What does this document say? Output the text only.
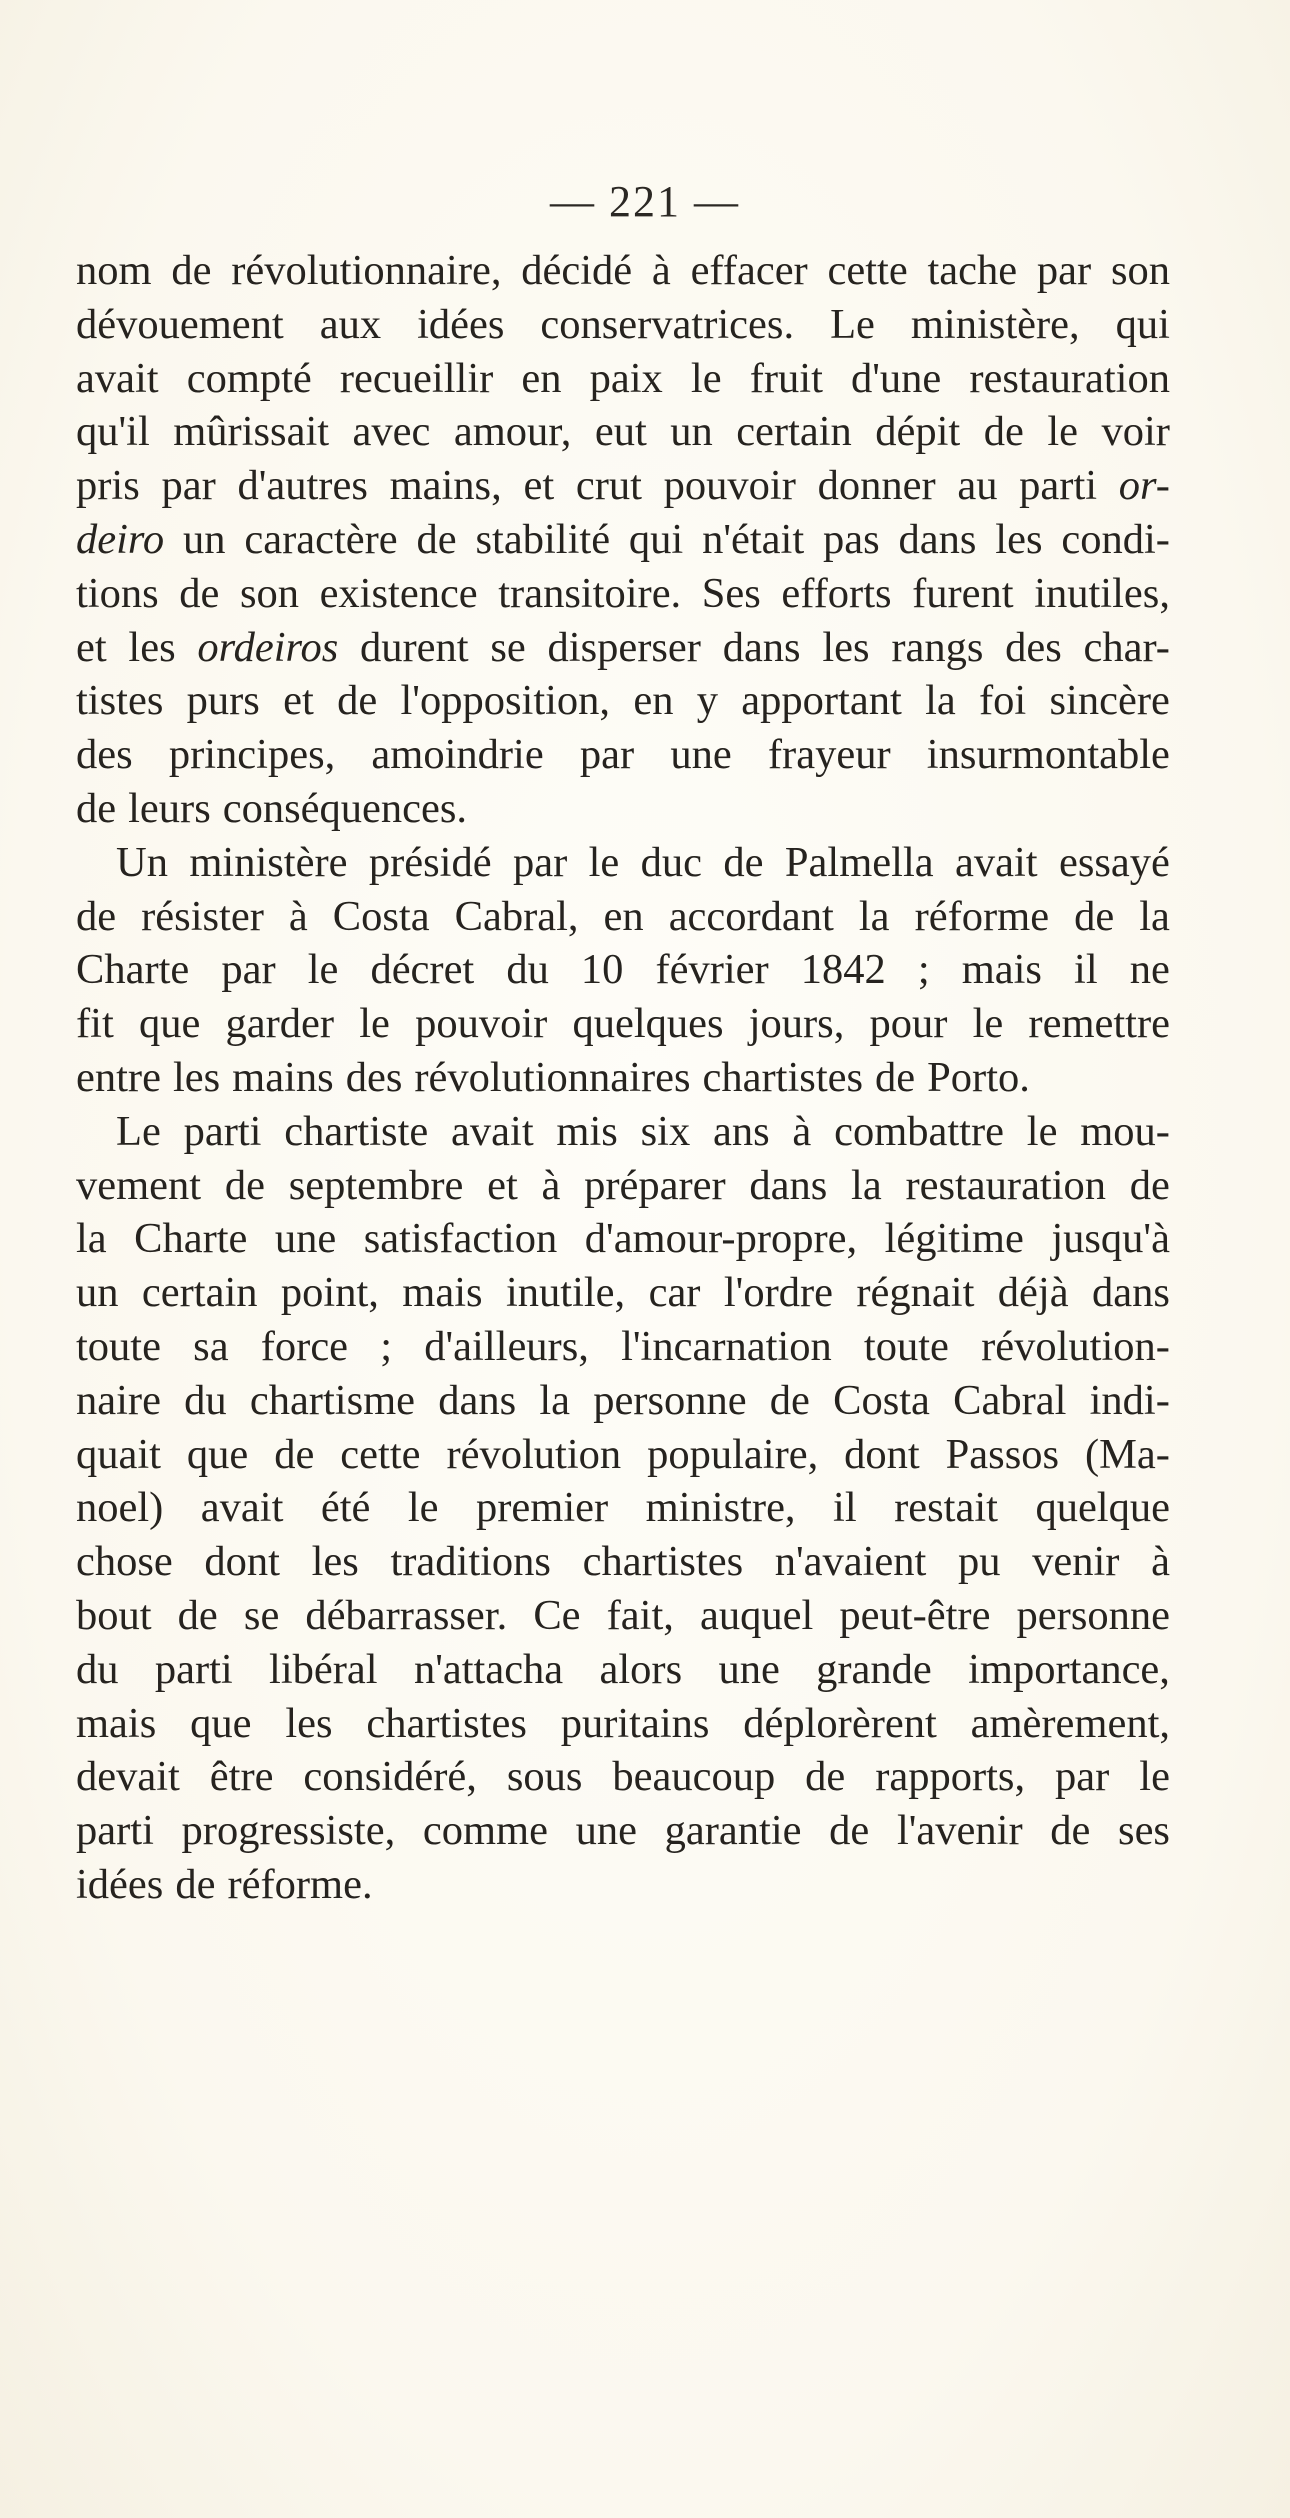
— 221 —
nom de révolutionnaire, décidé à effacer cette tache par son
dévouement aux idées conservatrices. Le ministère, qui
avait compté recueillir en paix le fruit d'une restauration
qu'il mûrissait avec amour, eut un certain dépit de le voir
pris par d'autres mains, et crut pouvoir donner au parti or-
deiro un caractère de stabilité qui n'était pas dans les condi-
tions de son existence transitoire. Ses efforts furent inutiles,
et les ordeiros durent se disperser dans les rangs des char-
tistes purs et de l'opposition, en y apportant la foi sincère
des principes, amoindrie par une frayeur insurmontable
de leurs conséquences.
Un ministère présidé par le duc de Palmella avait essayé
de résister à Costa Cabral, en accordant la réforme de la
Charte par le décret du 10 février 1842 ; mais il ne
fit que garder le pouvoir quelques jours, pour le remettre
entre les mains des révolutionnaires chartistes de Porto.
Le parti chartiste avait mis six ans à combattre le mou-
vement de septembre et à préparer dans la restauration de
la Charte une satisfaction d'amour-propre, légitime jusqu'à
un certain point, mais inutile, car l'ordre régnait déjà dans
toute sa force ; d'ailleurs, l'incarnation toute révolution-
naire du chartisme dans la personne de Costa Cabral indi-
quait que de cette révolution populaire, dont Passos (Ma-
noel) avait été le premier ministre, il restait quelque
chose dont les traditions chartistes n'avaient pu venir à
bout de se débarrasser. Ce fait, auquel peut-être personne
du parti libéral n'attacha alors une grande importance,
mais que les chartistes puritains déplorèrent amèrement,
devait être considéré, sous beaucoup de rapports, par le
parti progressiste, comme une garantie de l'avenir de ses
idées de réforme.
